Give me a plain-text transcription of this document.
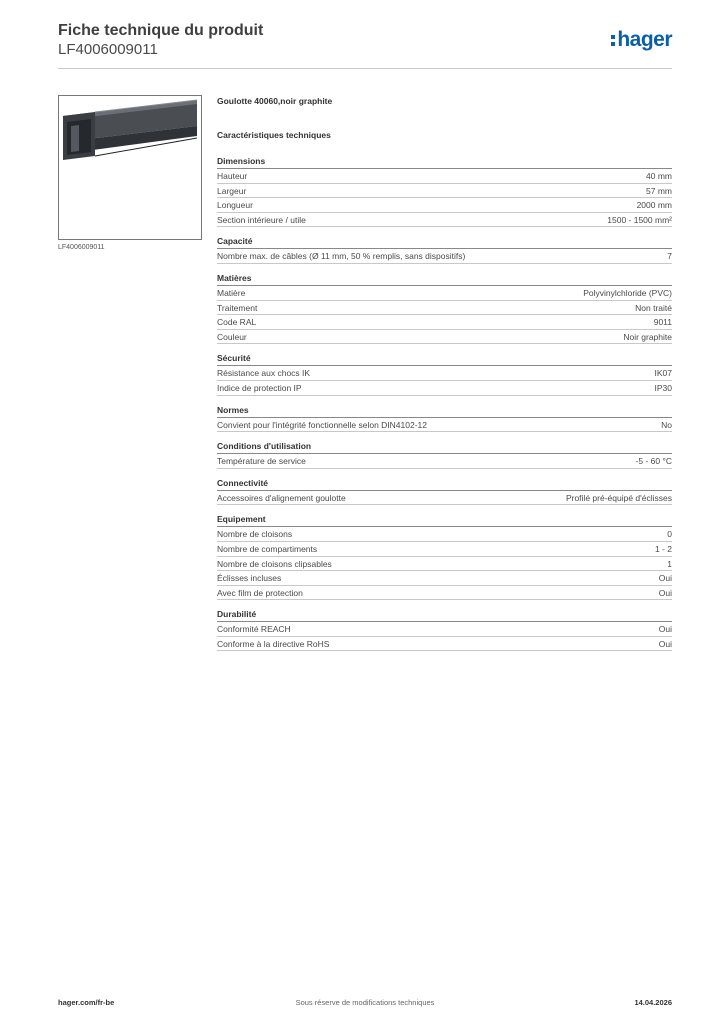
Fiche technique du produit
LF4006009011	hager
LF4006009011
Goulotte 40060,noir graphite
Caractéristiques techniques
Dimensions
Hauteur	40 mm
Largeur	57 mm
Longueur	2000 mm
Section intérieure / utile	1500 - 1500 mm²
Capacité
Nombre max. de câbles (Ø 11 mm, 50 % remplis, sans dispositifs)	7
Matières
Matière	Polyvinylchloride (PVC)
Traitement	Non traité
Code RAL	9011
Couleur	Noir graphite
Sécurité
Résistance aux chocs IK	IK07
Indice de protection IP	IP30
Normes
Convient pour l'intégrité fonctionnelle selon DIN4102-12	No
Conditions d'utilisation
Température de service	-5 - 60 °C
Connectivité
Accessoires d'alignement goulotte	Profilé pré-équipé d'éclisses
Equipement
Nombre de cloisons	0
Nombre de compartiments	1 - 2
Nombre de cloisons clipsables	1
Éclisses incluses	Oui
Avec film de protection	Oui
Durabilité
Conformité REACH	Oui
Conforme à la directive RoHS	Oui
Sous réserve de modifications techniques
hager.com/fr-be	14.04.2026
